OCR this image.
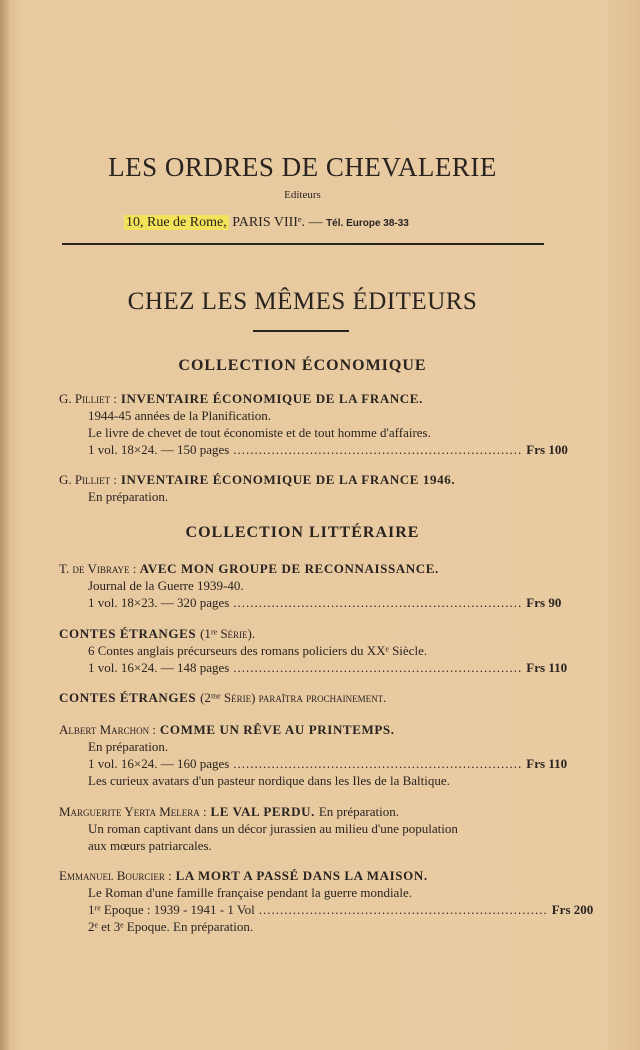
LES ORDRES DE CHEVALERIE
Editeurs
10, Rue de Rome, PARIS VIIIᵉ. — Tél. Europe 38-33
CHEZ LES MÊMES ÉDITEURS
COLLECTION ÉCONOMIQUE
G. Pilliet : INVENTAIRE ÉCONOMIQUE DE LA FRANCE.
1944-45 années de la Planification.
Le livre de chevet de tout économiste et de tout homme d'affaires.
1 vol. 18×24. — 150 pages .................................................................... Frs 100
G. Pilliet : INVENTAIRE ÉCONOMIQUE DE LA FRANCE 1946.
En préparation.
COLLECTION LITTÉRAIRE
T. de Vibraye : AVEC MON GROUPE DE RECONNAISSANCE.
Journal de la Guerre 1939-40.
1 vol. 18×23. — 320 pages .................................................................... Frs 90
CONTES ÉTRANGES (1ʳᵉ Série).
6 Contes anglais précurseurs des romans policiers du XXᵉ Siècle.
1 vol. 16×24. — 148 pages .................................................................... Frs 110
CONTES ÉTRANGES (2ᵐᵉ Série) paraîtra prochainement.
Albert Marchon : COMME UN RÊVE AU PRINTEMPS.
En préparation.
1 vol. 16×24. — 160 pages .................................................................... Frs 110
Les curieux avatars d'un pasteur nordique dans les Iles de la Baltique.
Marguerite Yerta Melera : LE VAL PERDU. En préparation.
Un roman captivant dans un décor jurassien au milieu d'une population
aux mœurs patriarcales.
Emmanuel Bourcier : LA MORT A PASSÉ DANS LA MAISON.
Le Roman d'une famille française pendant la guerre mondiale.
1ʳᵉ Epoque : 1939 - 1941 - 1 Vol .................................................................... Frs 200
2ᵉ et 3ᵉ Epoque. En préparation.
